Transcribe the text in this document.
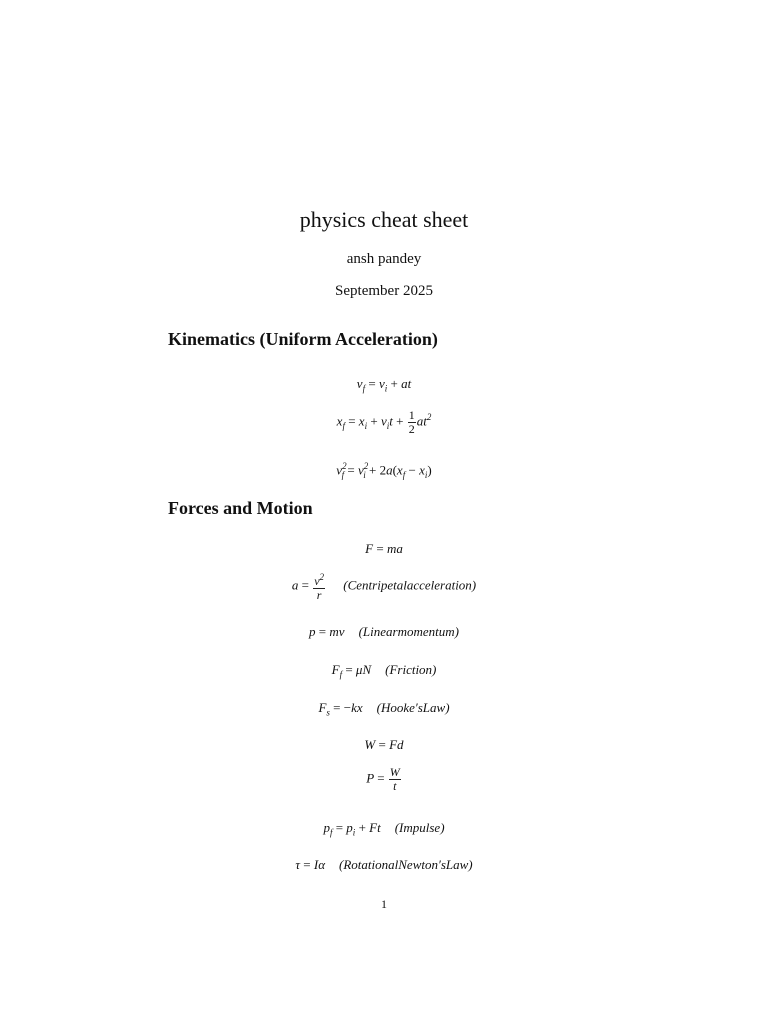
physics cheat sheet
ansh pandey
September 2025
Kinematics (Uniform Acceleration)
$v_f = v_i$ + at
$x_f = x_i + v_it + \frac{1}{2} at^2$
$v^2_f = v^2_i + 2a(x_f - x_i)$
Forces and Motion
F = ma
$a = \frac{v^2}{r}$ (Centripetalacceleration)
p = mv (Linearmomentum)
$F_f = \mu N$ (Friction)
$F_s = -kx$ (Hooke′sLaw)
W = Fd
$P = \frac{W}{t}$
$p_f = p_i + Ft$ (Impulse)
τ = Iα (RotationalNewton′sLaw)
1
